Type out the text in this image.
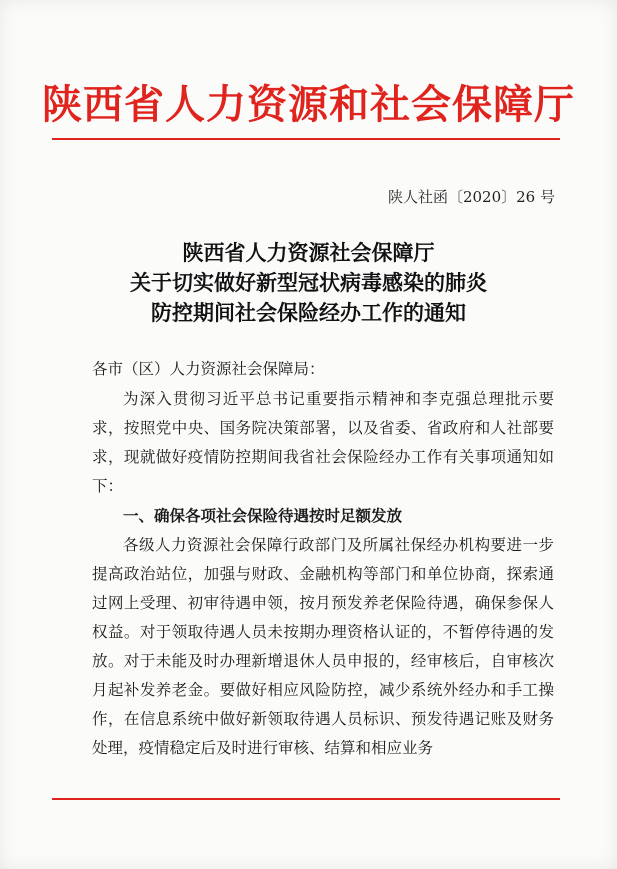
陕西省人力资源和社会保障厅
陕人社函〔2020〕26 号
陕西省人力资源社会保障厅
关于切实做好新型冠状病毒感染的肺炎
防控期间社会保险经办工作的通知

各市（区）人力资源社会保障局：

为深入贯彻习近平总书记重要指示精神和李克强总理批示要求，按照党中央、国务院决策部署，以及省委、省政府和人社部要求，现就做好疫情防控期间我省社会保险经办工作有关事项通知如下：

一、确保各项社会保险待遇按时足额发放

各级人力资源社会保障行政部门及所属社保经办机构要进一步提高政治站位，加强与财政、金融机构等部门和单位协商，探索通过网上受理、初审待遇申领，按月预发养老保险待遇，确保参保人权益。对于领取待遇人员未按期办理资格认证的，不暂停待遇的发放。对于未能及时办理新增退休人员申报的，经审核后，自审核次月起补发养老金。要做好相应风险防控，减少系统外经办和手工操作，在信息系统中做好新领取待遇人员标识、预发待遇记账及财务处理，疫情稳定后及时进行审核、结算和相应业务
